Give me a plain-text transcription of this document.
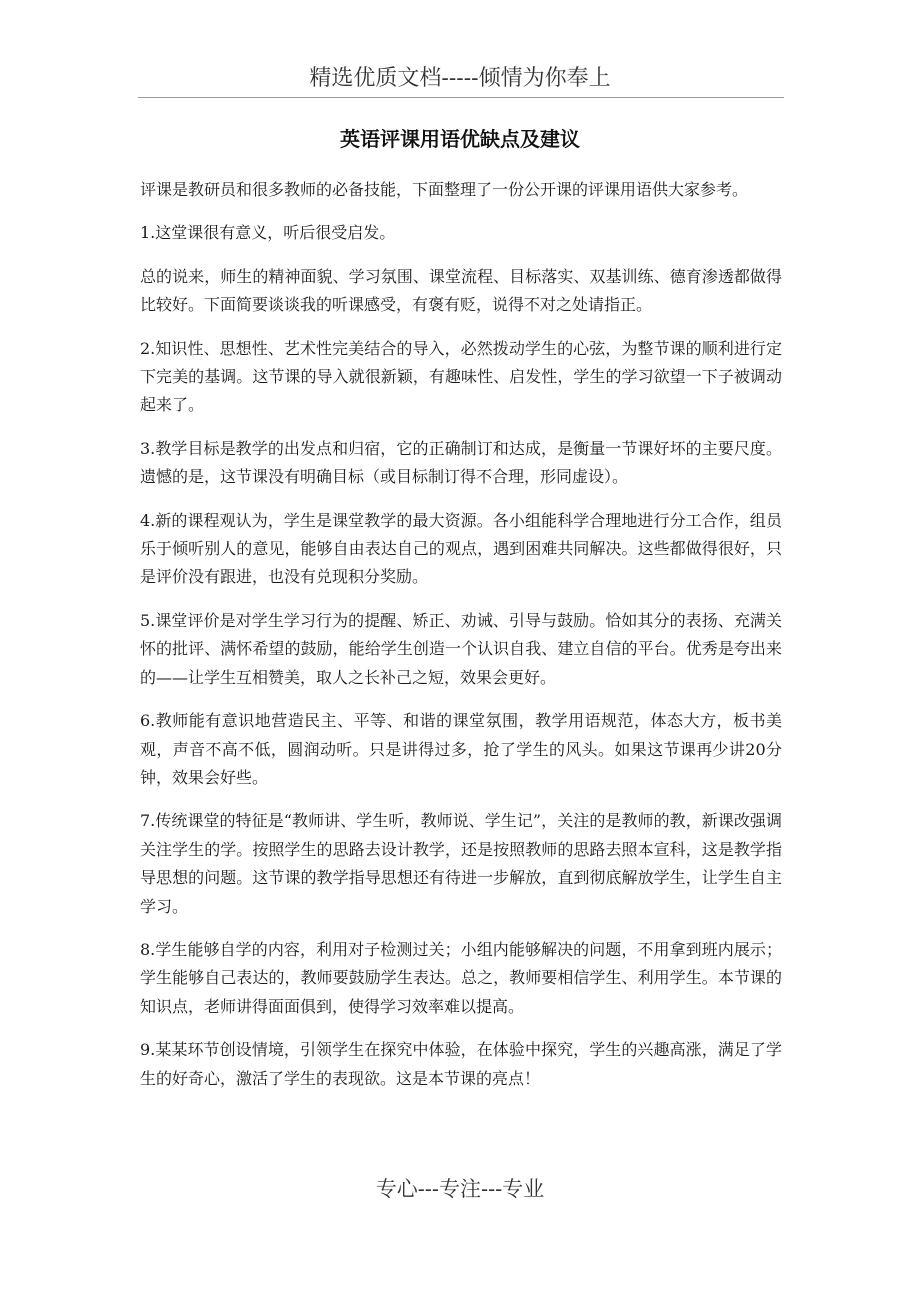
精选优质文档-----倾情为你奉上
英语评课用语优缺点及建议

评课是教研员和很多教师的必备技能，下面整理了一份公开课的评课用语供大家参考。

1.这堂课很有意义，听后很受启发。

总的说来，师生的精神面貌、学习氛围、课堂流程、目标落实、双基训练、德育渗透都做得比较好。下面简要谈谈我的听课感受，有褒有贬，说得不对之处请指正。

2.知识性、思想性、艺术性完美结合的导入，必然拨动学生的心弦，为整节课的顺利进行定下完美的基调。这节课的导入就很新颖，有趣味性、启发性，学生的学习欲望一下子被调动起来了。

3.教学目标是教学的出发点和归宿，它的正确制订和达成，是衡量一节课好坏的主要尺度。遗憾的是，这节课没有明确目标（或目标制订得不合理，形同虚设）。

4.新的课程观认为，学生是课堂教学的最大资源。各小组能科学合理地进行分工合作，组员乐于倾听别人的意见，能够自由表达自己的观点，遇到困难共同解决。这些都做得很好，只是评价没有跟进，也没有兑现积分奖励。

5.课堂评价是对学生学习行为的提醒、矫正、劝诫、引导与鼓励。恰如其分的表扬、充满关怀的批评、满怀希望的鼓励，能给学生创造一个认识自我、建立自信的平台。优秀是夸出来的——让学生互相赞美，取人之长补己之短，效果会更好。

6.教师能有意识地营造民主、平等、和谐的课堂氛围，教学用语规范，体态大方，板书美观，声音不高不低，圆润动听。只是讲得过多，抢了学生的风头。如果这节课再少讲20分钟，效果会好些。

7.传统课堂的特征是“教师讲、学生听，教师说、学生记”，关注的是教师的教，新课改强调关注学生的学。按照学生的思路去设计教学，还是按照教师的思路去照本宣科，这是教学指导思想的问题。这节课的教学指导思想还有待进一步解放，直到彻底解放学生，让学生自主学习。

8.学生能够自学的内容，利用对子检测过关；小组内能够解决的问题，不用拿到班内展示；学生能够自己表达的，教师要鼓励学生表达。总之，教师要相信学生、利用学生。本节课的知识点，老师讲得面面俱到，使得学习效率难以提高。

9.某某环节创设情境，引领学生在探究中体验，在体验中探究，学生的兴趣高涨，满足了学生的好奇心，激活了学生的表现欲。这是本节课的亮点！

专心---专注---专业
